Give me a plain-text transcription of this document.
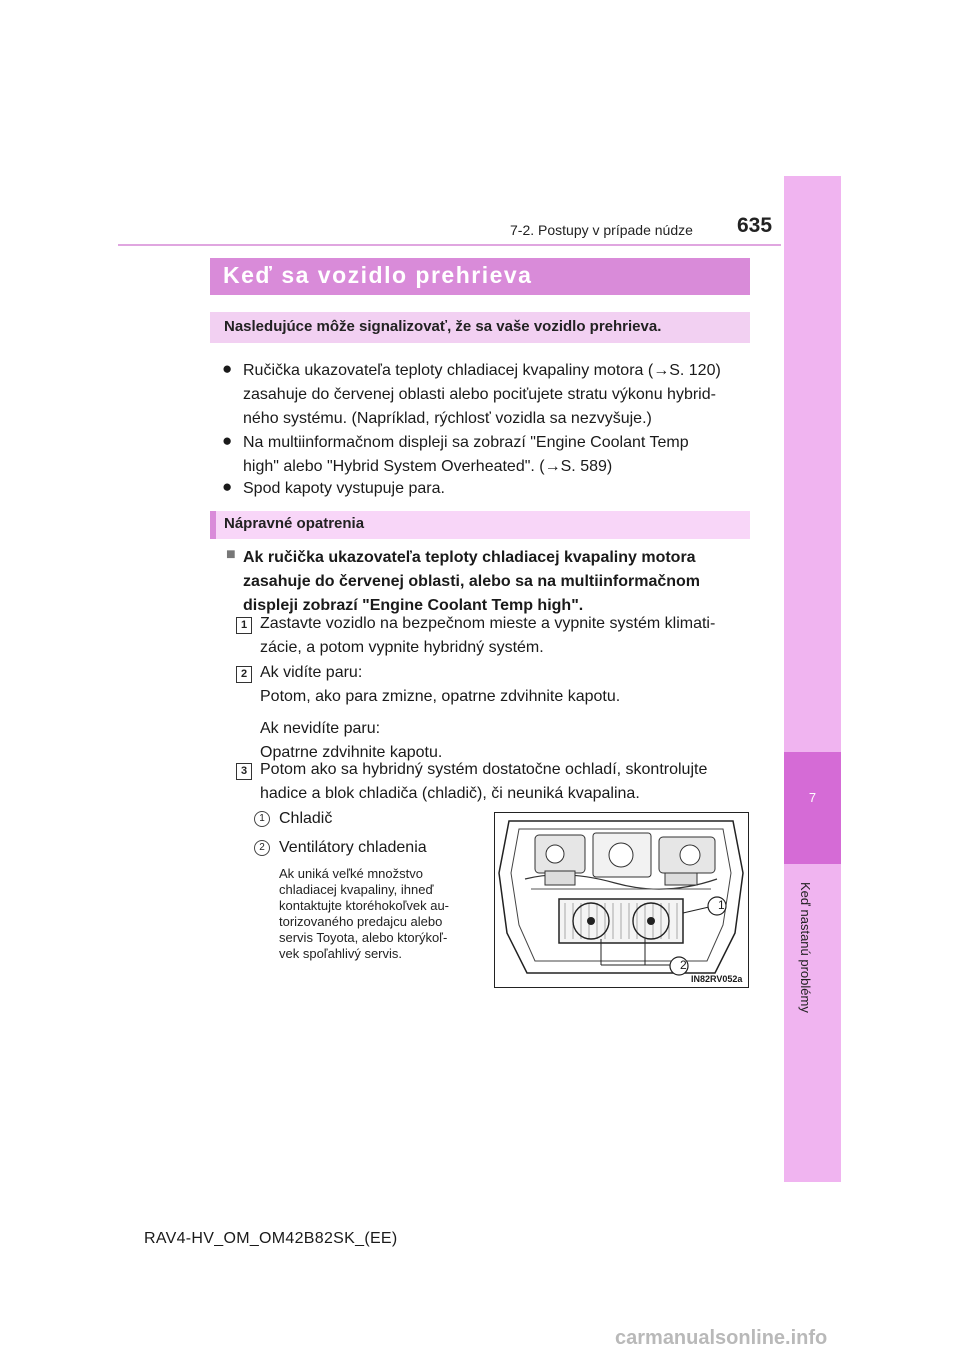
7
Keď nastanú problémy
7-2. Postupy v prípade núdze 635
Keď sa vozidlo prehrieva
Nasledujúce môže signalizovať, že sa vaše vozidlo prehrieva.
● Ručička ukazovateľa teploty chladiacej kvapaliny motora (→S. 120)
zasahuje do červenej oblasti alebo pociťujete stratu výkonu hybrid-
ného systému. (Napríklad, rýchlosť vozidla sa nezvyšuje.)
● Na multiinformačnom displeji sa zobrazí "Engine Coolant Temp
high" alebo "Hybrid System Overheated". (→S. 589)
● Spod kapoty vystupuje para.
Nápravné opatrenia
■ Ak ručička ukazovateľa teploty chladiacej kvapaliny motora
zasahuje do červenej oblasti, alebo sa na multiinformačnom
displeji zobrazí "Engine Coolant Temp high".
1 Zastavte vozidlo na bezpečnom mieste a vypnite systém klimati-
zácie, a potom vypnite hybridný systém.
2 Ak vidíte paru:
Potom, ako para zmizne, opatrne zdvihnite kapotu.
Ak nevidíte paru:
Opatrne zdvihnite kapotu.
3 Potom ako sa hybridný systém dostatočne ochladí, skontrolujte
hadice a blok chladiča (chladič), či neuniká kvapalina.
1 Chladič
2 Ventilátory chladenia
Ak uniká veľké množstvo
chladiacej kvapaliny, ihneď
kontaktujte ktoréhokoľvek au-
torizovaného predajcu alebo
servis Toyota, alebo ktorýkoľ-
vek spoľahlivý servis.
1
2
IN82RV052a
RAV4-HV_OM_OM42B82SK_(EE)
carmanualsonline.info
